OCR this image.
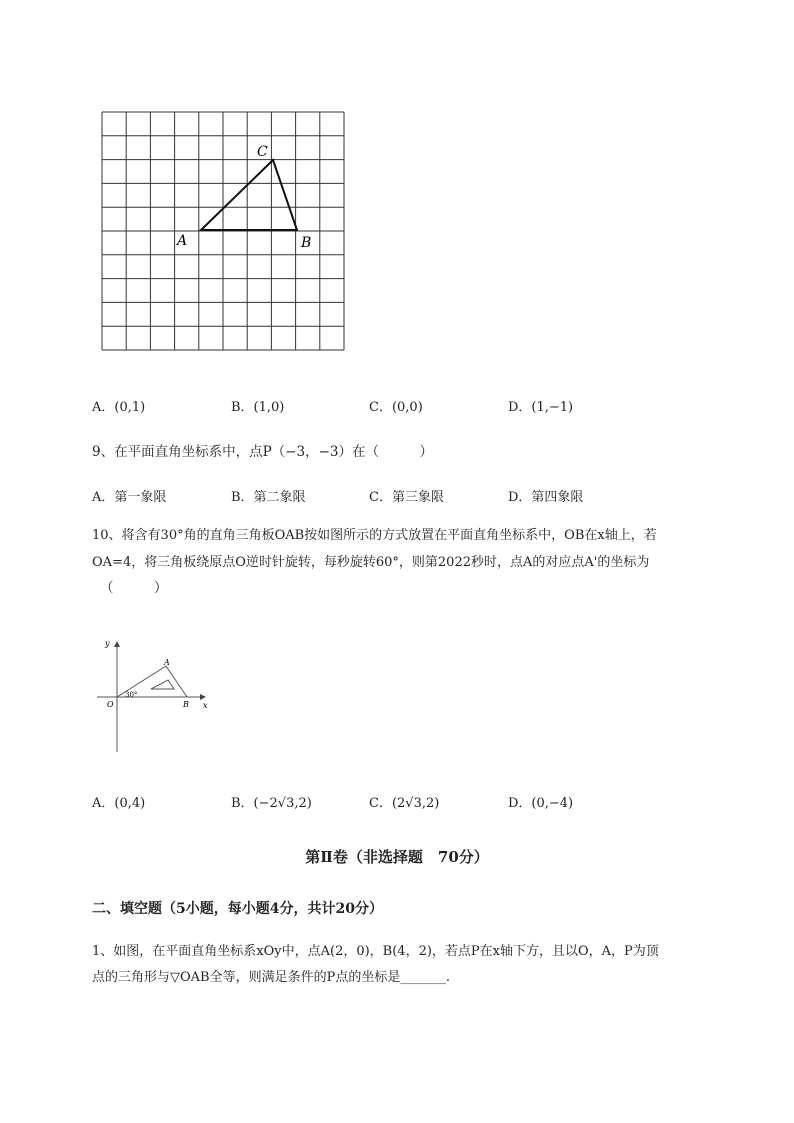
C
A	B
A．(0,1)	B．(1,0)	C．(0,0)	D．(1,−1)
9、在平面直角坐标系中，点P（−3，−3）在（　　　）
A．第一象限	B．第二象限	C．第三象限	D．第四象限
10、将含有30°角的直角三角板OAB按如图所示的方式放置在平面直角坐标系中，OB在x轴上，若
OA=4，将三角板绕原点O逆时针旋转，每秒旋转60°，则第2022秒时，点A的对应点A'的坐标为
（　　　）
y
x
O
A
B
30°
A．(0,4)	B．(−2√3,2)	C．(2√3,2)	D．(0,−4)
第Ⅱ卷（非选择题　70分）
二、填空题（5小题，每小题4分，共计20分）
1、如图，在平面直角坐标系xOy中，点A(2，0)，B(4，2)，若点P在x轴下方，且以O，A，P为顶
点的三角形与▽OAB全等，则满足条件的P点的坐标是_______.
